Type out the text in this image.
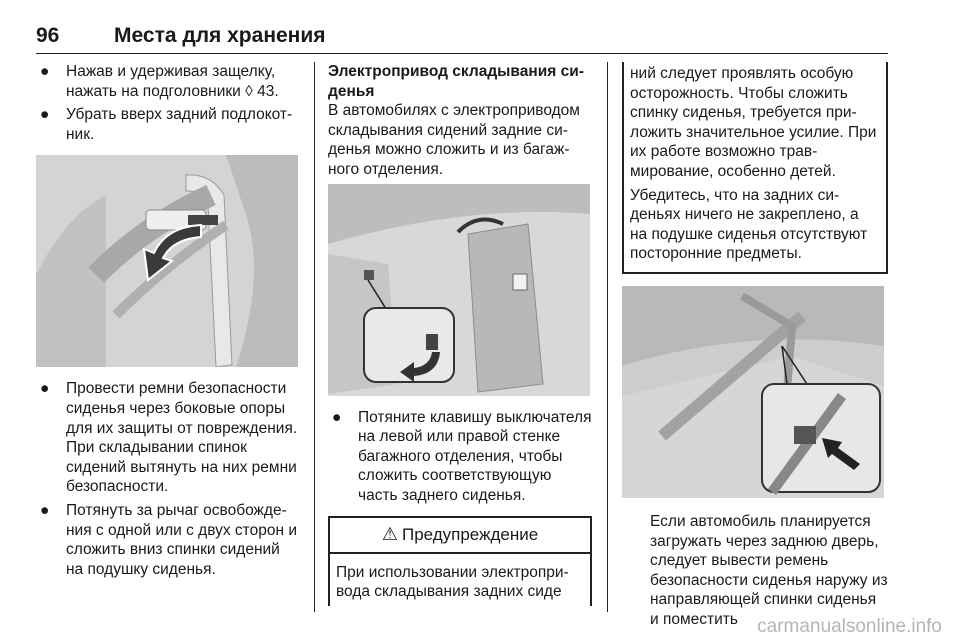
96	Места для хранения
● Нажав и удерживая защелку, нажать на подголовники ◊ 43.
● Убрать вверх задний подлокотник.
● Провести ремни безопасности сиденья через боковые опоры для их защиты от повреждения. При складывании спинок сидений вытянуть на них ремни безопасности.
● Потянуть за рычаг освобождения с одной или с двух сторон и сложить вниз спинки сидений на подушку сиденья.
Электропривод складывания сиденья

В автомобилях с электроприводом складывания сидений задние сиденья можно сложить и из багажного отделения.

● Потяните клавишу выключателя на левой или правой стенке багажного отделения, чтобы сложить соответствующую часть заднего сиденья.
⚠ Предупреждение
При использовании электропривода складывания задних сиде

ний следует проявлять особую осторожность. Чтобы сложить спинку сиденья, требуется приложить значительное усилие. При их работе возможно травмирование, особенно детей.

Убедитесь, что на задних сиденьях ничего не закреплено, а на подушке сиденья отсутствуют посторонние предметы.

Если автомобиль планируется загружать через заднюю дверь, следует вывести ремень безопасности сиденья наружу из направляющей спинки сиденья и поместить	carmanualsonline.info
